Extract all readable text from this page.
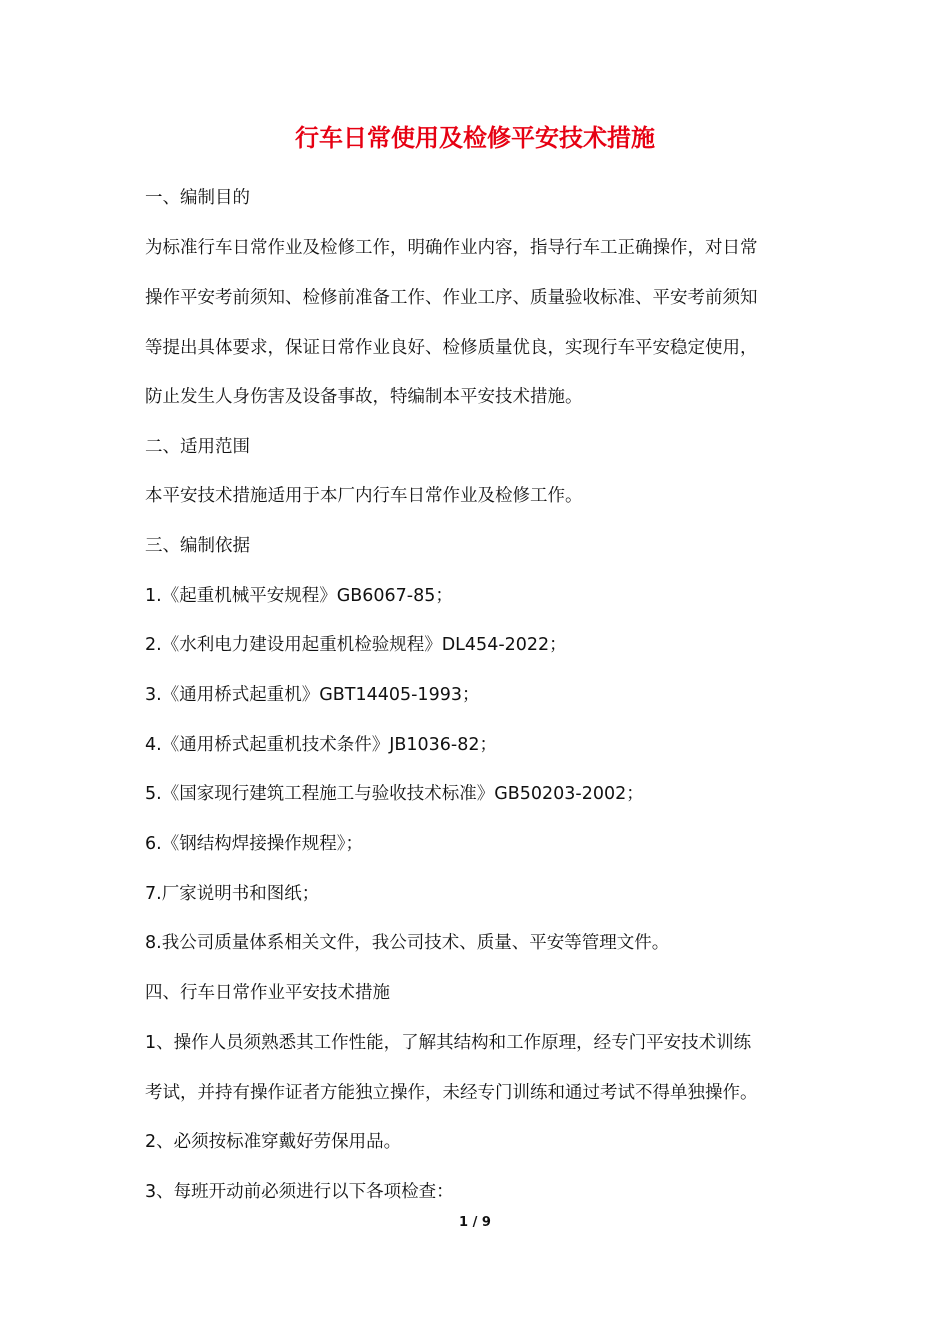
行车日常使用及检修平安技术措施
一、编制目的
为标准行车日常作业及检修工作，明确作业内容，指导行车工正确操作，对日常
操作平安考前须知、检修前准备工作、作业工序、质量验收标准、平安考前须知
等提出具体要求，保证日常作业良好、检修质量优良，实现行车平安稳定使用，
防止发生人身伤害及设备事故，特编制本平安技术措施。
二、适用范围
本平安技术措施适用于本厂内行车日常作业及检修工作。
三、编制依据
1.《起重机械平安规程》GB6067-85；
2.《水利电力建设用起重机检验规程》DL454-2022；
3.《通用桥式起重机》GBT14405-1993；
4.《通用桥式起重机技术条件》JB1036-82；
5.《国家现行建筑工程施工与验收技术标准》GB50203-2002；
6.《钢结构焊接操作规程》；
7.厂家说明书和图纸；
8.我公司质量体系相关文件，我公司技术、质量、平安等管理文件。
四、行车日常作业平安技术措施
1、操作人员须熟悉其工作性能，了解其结构和工作原理，经专门平安技术训练
考试，并持有操作证者方能独立操作，未经专门训练和通过考试不得单独操作。
2、必须按标准穿戴好劳保用品。
3、每班开动前必须进行以下各项检查：
1 / 9
